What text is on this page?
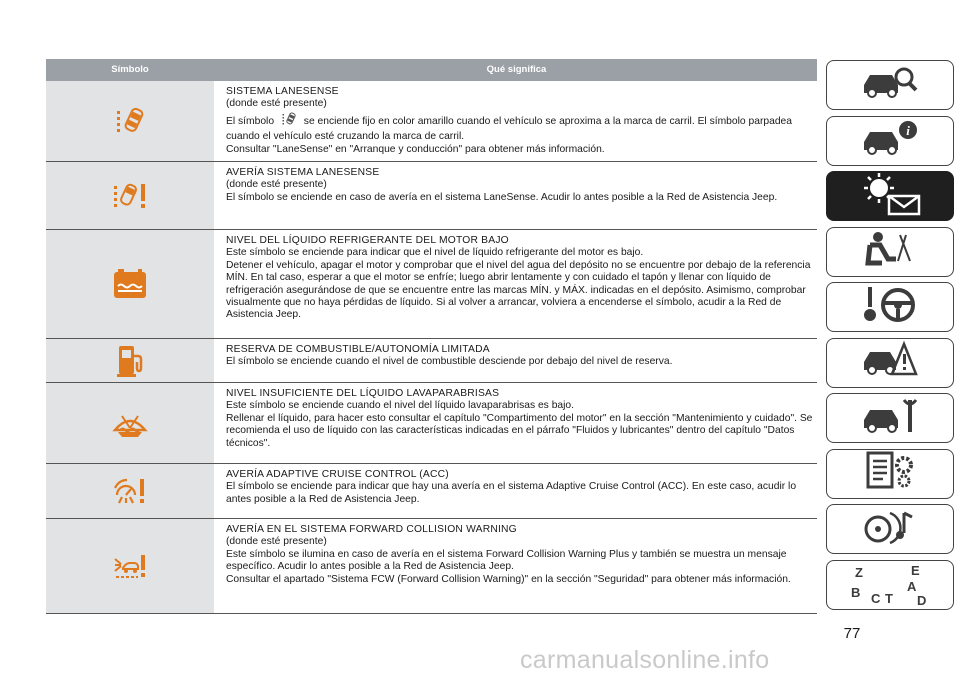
Símbolo	Qué significa
SISTEMA LANESENSE
(donde esté presente)
El símbolo  se enciende fijo en color amarillo cuando el vehículo se aproxima a la marca de carril. El símbolo parpadea cuando el vehículo esté cruzando la marca de carril.
Consultar "LaneSense" en "Arranque y conducción" para obtener más información.
AVERÍA SISTEMA LANESENSE
(donde esté presente)
El símbolo se enciende en caso de avería en el sistema LaneSense. Acudir lo antes posible a la Red de Asistencia Jeep.
NIVEL DEL LÍQUIDO REFRIGERANTE DEL MOTOR BAJO
Este símbolo se enciende para indicar que el nivel de líquido refrigerante del motor es bajo.
Detener el vehículo, apagar el motor y comprobar que el nivel del agua del depósito no se encuentre por debajo de la referencia MÍN. En tal caso, esperar a que el motor se enfríe; luego abrir lentamente y con cuidado el tapón y llenar con líquido de refrigeración asegurándose de que se encuentre entre las marcas MÍN. y MÁX. indicadas en el depósito. Asimismo, comprobar visualmente que no haya pérdidas de líquido. Si al volver a arrancar, volviera a encenderse el símbolo, acudir a la Red de Asistencia Jeep.
RESERVA DE COMBUSTIBLE/AUTONOMÍA LIMITADA
El símbolo se enciende cuando el nivel de combustible desciende por debajo del nivel de reserva.
NIVEL INSUFICIENTE DEL LÍQUIDO LAVAPARABRISAS
Este símbolo se enciende cuando el nivel del líquido lavaparabrisas es bajo.
Rellenar el líquido, para hacer esto consultar el capítulo "Compartimento del motor" en la sección "Mantenimiento y cuidado". Se recomienda el uso de líquido con las características indicadas en el párrafo "Fluidos y lubricantes" dentro del capítulo "Datos técnicos".
AVERÍA ADAPTIVE CRUISE CONTROL (ACC)
El símbolo se enciende para indicar que hay una avería en el sistema Adaptive Cruise Control (ACC). En este caso, acudir lo antes posible a la Red de Asistencia Jeep.
AVERÍA EN EL SISTEMA FORWARD COLLISION WARNING
(donde esté presente)
Este símbolo se ilumina en caso de avería en el sistema Forward Collision Warning Plus y también se muestra un mensaje específico. Acudir lo antes posible a la Red de Asistencia Jeep.
Consultar el apartado "Sistema FCW (Forward Collision Warning)" en la sección "Seguridad" para obtener más información.
i
Z	E
B	A
C	D
T
77
carmanualsonline.info
